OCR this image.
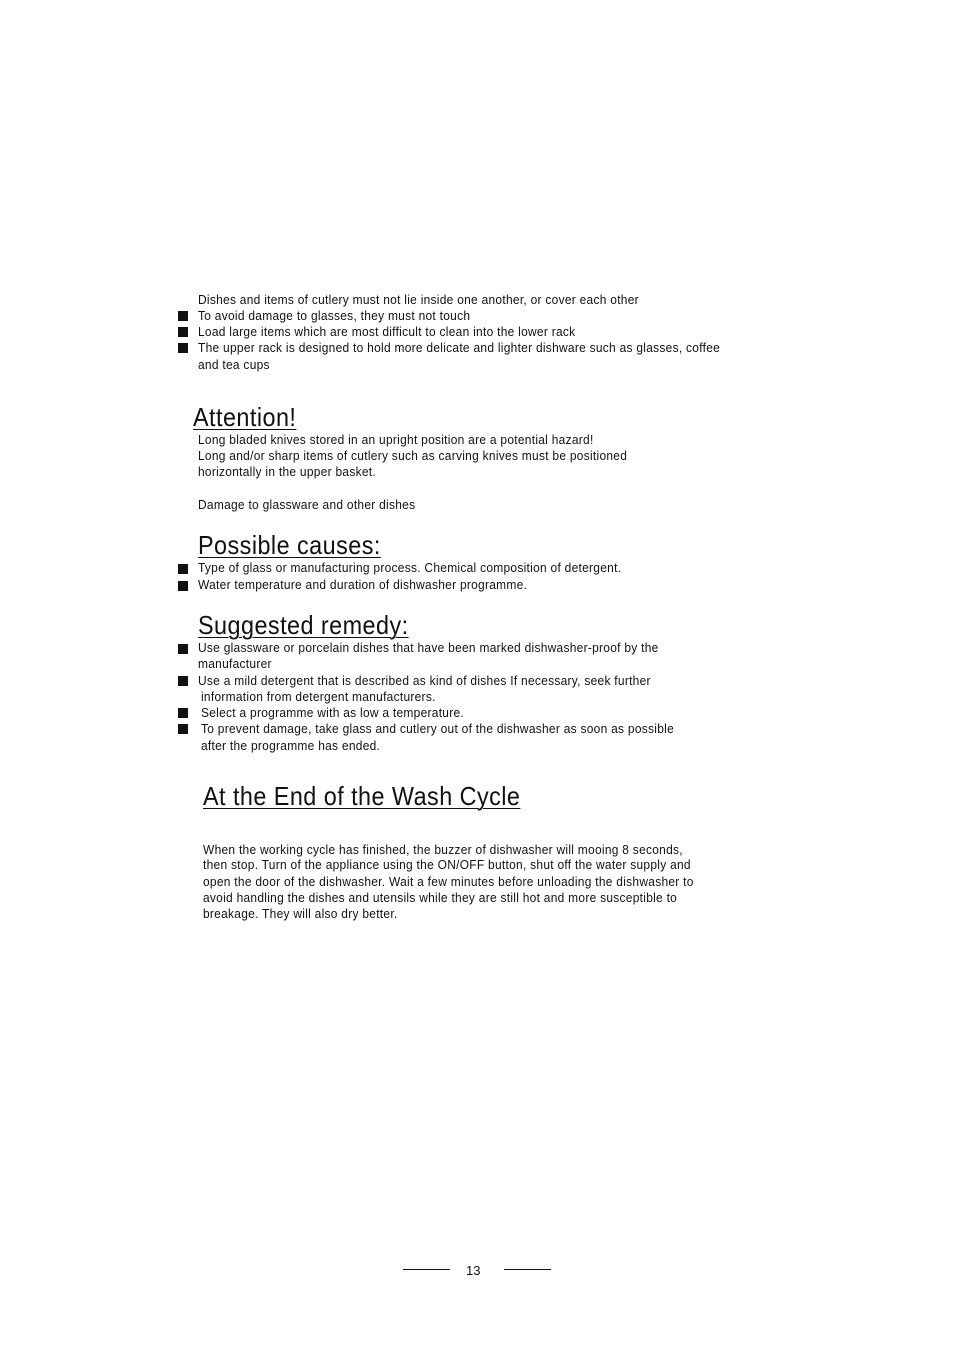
Dishes and items of cutlery must not lie inside one another, or cover each other
To avoid damage to glasses, they must not touch
Load large items which are most difficult to clean into the lower rack
The upper rack is designed to hold more delicate and lighter dishware such as glasses, coffee
and tea cups
Attention!
Long bladed knives stored in an upright position are a potential hazard!
Long and/or sharp items of cutlery such as carving knives must be positioned
horizontally in the upper basket.
Damage to glassware and other dishes
Possible causes:
Type of glass or manufacturing process. Chemical composition of detergent.
Water temperature and duration of dishwasher programme.
Suggested remedy:
Use glassware or porcelain dishes that have been marked dishwasher-proof by the
manufacturer
Use a mild detergent that is described as kind of dishes If necessary, seek further
information from detergent manufacturers.
Select a programme with as low a temperature.
To prevent damage, take glass and cutlery out of the dishwasher as soon as possible
after the programme has ended.
At the End of the Wash Cycle
When the working cycle has finished, the buzzer of dishwasher will mooing 8 seconds,
then stop. Turn of the appliance using the ON/OFF button, shut off the water supply and
open the door of the dishwasher. Wait a few minutes before unloading the dishwasher to
avoid handling the dishes and utensils while they are still hot and more susceptible to
breakage. They will also dry better.
13
